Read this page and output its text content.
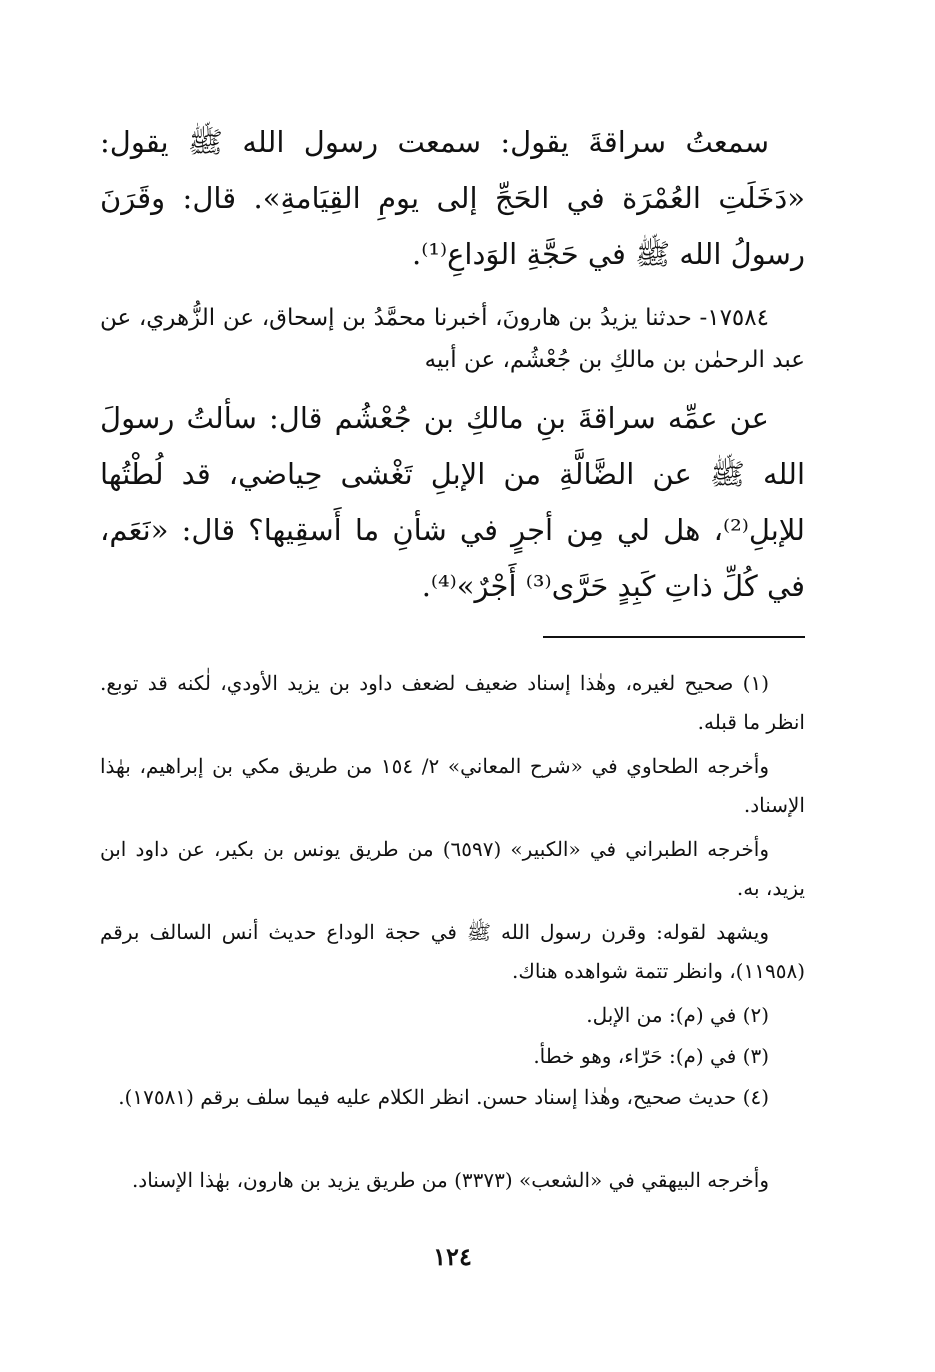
سمعتُ سراقةَ يقول: سمعت رسول الله ﷺ يقول: «دَخَلَتِ العُمْرَة في الحَجِّ إلى يومِ القِيَامةِ». قال: وقَرَنَ رسولُ الله ﷺ في حَجَّةِ الوَداعِ⁽¹⁾.

١٧٥٨٤- حدثنا يزيدُ بن هارونَ، أخبرنا محمَّدُ بن إسحاق، عن الزُّهري، عن عبد الرحمٰن بن مالكِ بن جُعْشُم، عن أبيه

عن عمِّه سراقةَ بنِ مالكِ بن جُعْشُم قال: سألتُ رسولَ الله ﷺ عن الضَّالَّةِ من الإبلِ تَغْشى حِياضي، قد لُطْتُها للإبلِ⁽²⁾، هل لي مِن أجرٍ في شأنِ ما أَسقِيها؟ قال: «نَعَم، في كُلِّ ذاتِ كَبِدٍ حَرَّى⁽³⁾ أَجْرٌ»⁽⁴⁾.

(١) صحيح لغيره، وهٰذا إسناد ضعيف لضعف داود بن يزيد الأودي، لٰكنه قد توبع. انظر ما قبله.

وأخرجه الطحاوي في «شرح المعاني» ٢/ ١٥٤ من طريق مكي بن إبراهيم، بهٰذا الإسناد.

وأخرجه الطبراني في «الكبير» (٦٥٩٧) من طريق يونس بن بكير، عن داود ابن يزيد، به.

ويشهد لقوله: وقرن رسول الله ﷺ في حجة الوداع حديث أنس السالف برقم (١١٩٥٨)، وانظر تتمة شواهده هناك.

(٢) في (م): من الإبل.

(٣) في (م): حَرّاء، وهو خطأ.

(٤) حديث صحيح، وهٰذا إسناد حسن. انظر الكلام عليه فيما سلف برقم (١٧٥٨١).

وأخرجه البيهقي في «الشعب» (٣٣٧٣) من طريق يزيد بن هارون، بهٰذا الإسناد.

١٢٤
